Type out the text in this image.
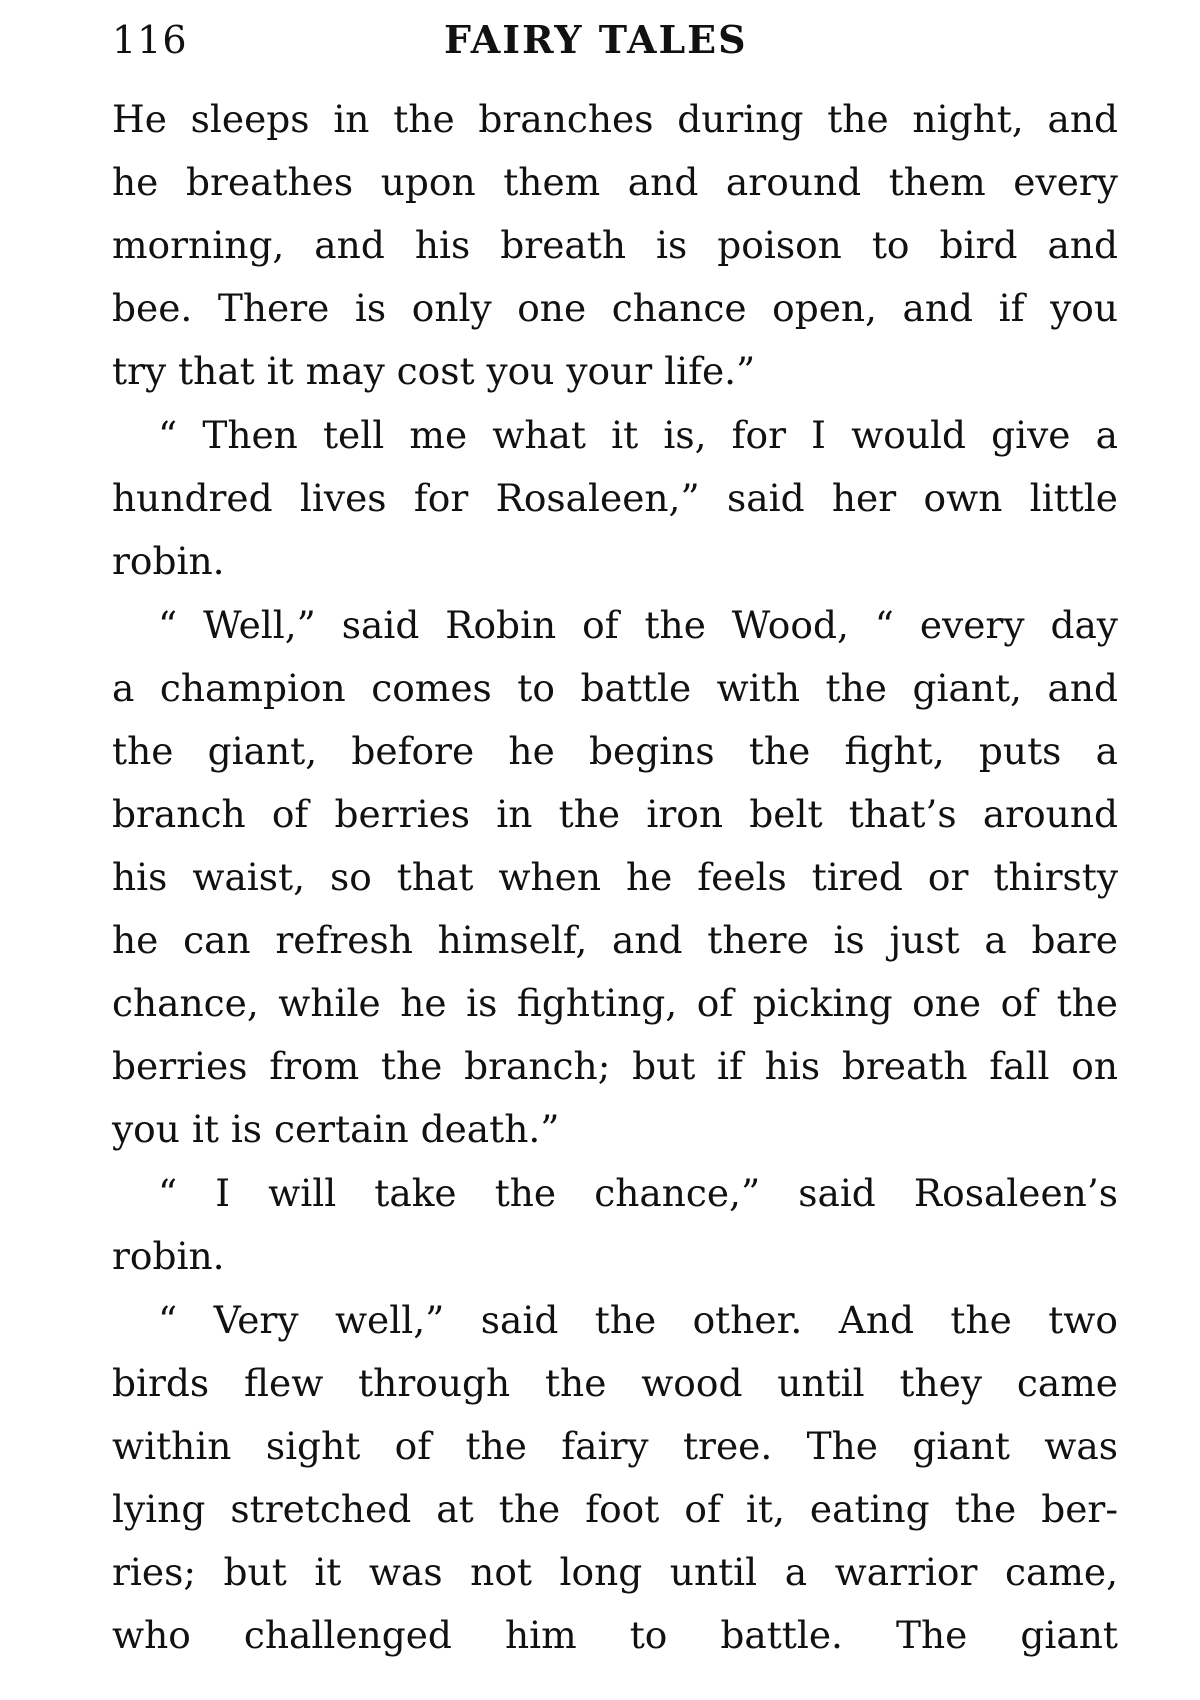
116	FAIRY TALES
He sleeps in the branches during the night, and
he breathes upon them and around them every
morning, and his breath is poison to bird and
bee. There is only one chance open, and if you
try that it may cost you your life.”
“ Then tell me what it is, for I would give a
hundred lives for Rosaleen,” said her own little
robin.
“ Well,” said Robin of the Wood, “ every day
a champion comes to battle with the giant, and
the giant, before he begins the fight, puts a
branch of berries in the iron belt that’s around
his waist, so that when he feels tired or thirsty
he can refresh himself, and there is just a bare
chance, while he is fighting, of picking one of the
berries from the branch; but if his breath fall on
you it is certain death.”
“ I will take the chance,” said Rosaleen’s
robin.
“ Very well,” said the other. And the two
birds flew through the wood until they came
within sight of the fairy tree. The giant was
lying stretched at the foot of it, eating the ber-
ries; but it was not long until a warrior came,
who challenged him to battle. The giant
